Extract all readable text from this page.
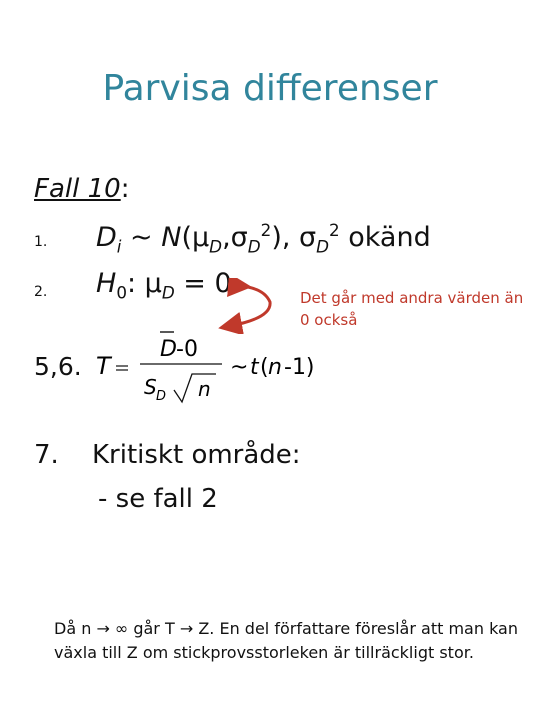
Parvisa differenser
Fall 10:
1. $D_i$ ~ $N(\mu_D,\sigma_D^2)$, $\sigma_D^2$ okänd
2. $H_0$: $\mu_D = 0$	Det går med andra värden än 0 också
5,6. T
D -0
S D n
~ t ( n -1)
7. Kritiskt område:
- se fall 2
Då n → ∞ går T → Z. En del författare föreslår att man kan växla till Z om stickprovsstorleken är tillräckligt stor.
